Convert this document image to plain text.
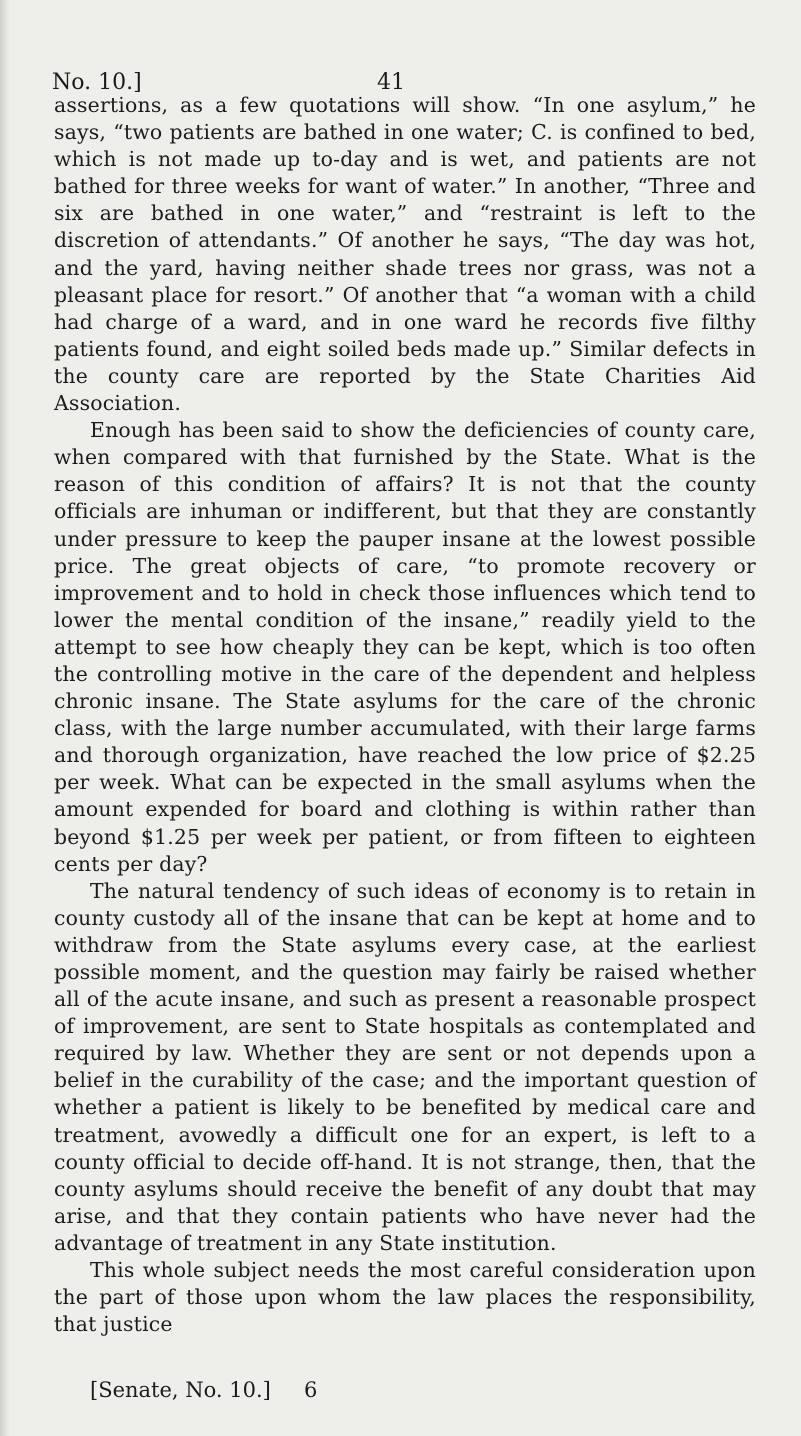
No. 10.]	41

assertions, as a few quotations will show. “In one asylum,” he says, “two patients are bathed in one water; C. is confined to bed, which is not made up to-day and is wet, and patients are not bathed for three weeks for want of water.” In another, “Three and six are bathed in one water,” and “restraint is left to the discretion of attendants.” Of another he says, “The day was hot, and the yard, having neither shade trees nor grass, was not a pleasant place for resort.” Of another that “a woman with a child had charge of a ward, and in one ward he records five filthy patients found, and eight soiled beds made up.” Similar defects in the county care are reported by the State Charities Aid Association.

Enough has been said to show the deficiencies of county care, when compared with that furnished by the State. What is the reason of this condition of affairs? It is not that the county officials are inhuman or indifferent, but that they are constantly under pressure to keep the pauper insane at the lowest possible price. The great objects of care, “to promote recovery or improvement and to hold in check those influences which tend to lower the mental condition of the insane,” readily yield to the attempt to see how cheaply they can be kept, which is too often the controlling motive in the care of the dependent and helpless chronic insane. The State asylums for the care of the chronic class, with the large number accumulated, with their large farms and thorough organization, have reached the low price of $2.25 per week. What can be expected in the small asylums when the amount expended for board and clothing is within rather than beyond $1.25 per week per patient, or from fifteen to eighteen cents per day?

The natural tendency of such ideas of economy is to retain in county custody all of the insane that can be kept at home and to withdraw from the State asylums every case, at the earliest possible moment, and the question may fairly be raised whether all of the acute insane, and such as present a reasonable prospect of improvement, are sent to State hospitals as contemplated and required by law. Whether they are sent or not depends upon a belief in the curability of the case; and the important question of whether a patient is likely to be benefited by medical care and treatment, avowedly a difficult one for an expert, is left to a county official to decide off-hand. It is not strange, then, that the county asylums should receive the benefit of any doubt that may arise, and that they contain patients who have never had the advantage of treatment in any State institution.

This whole subject needs the most careful consideration upon the part of those upon whom the law places the responsibility, that justice

[Senate, No. 10.] 6
